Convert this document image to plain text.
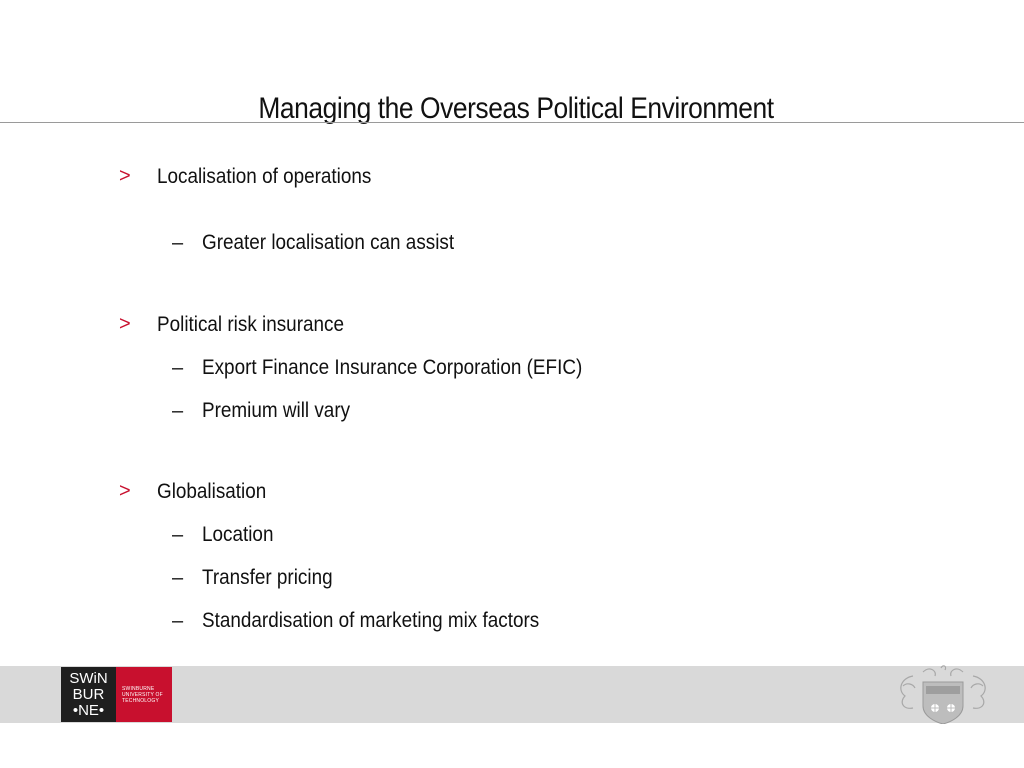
Managing the Overseas Political Environment
> Localisation of operations
– Greater localisation can assist
> Political risk insurance
– Export Finance Insurance Corporation (EFIC)
– Premium will vary
> Globalisation
– Location
– Transfer pricing
– Standardisation of marketing mix factors
SWiN
BUR
•NE•
SWINBURNE
UNIVERSITY OF
TECHNOLOGY
